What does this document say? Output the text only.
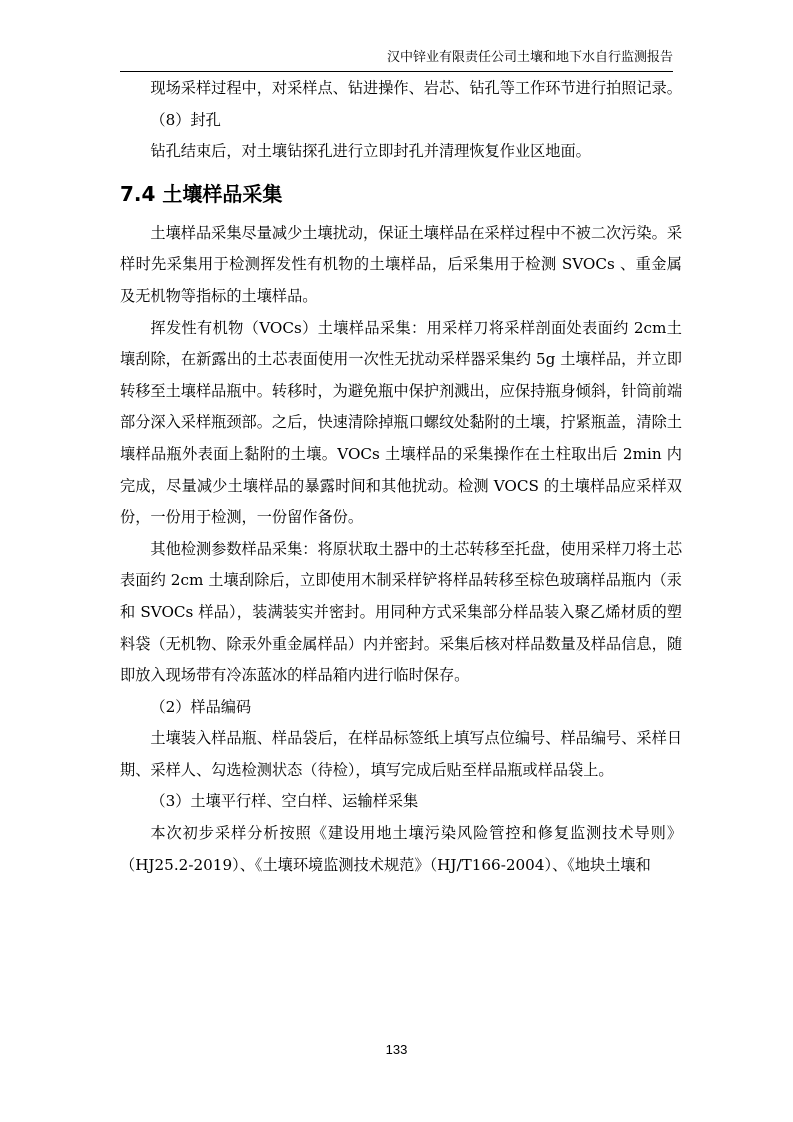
汉中锌业有限责任公司土壤和地下水自行监测报告

现场采样过程中，对采样点、钻进操作、岩芯、钻孔等工作环节进行拍照记录。

（8）封孔

钻孔结束后，对土壤钻探孔进行立即封孔并清理恢复作业区地面。

7.4 土壤样品采集

土壤样品采集尽量减少土壤扰动，保证土壤样品在采样过程中不被二次污染。采样时先采集用于检测挥发性有机物的土壤样品，后采集用于检测 SVOCs 、重金属及无机物等指标的土壤样品。

挥发性有机物（VOCs）土壤样品采集：用采样刀将采样剖面处表面约 2cm土壤刮除，在新露出的土芯表面使用一次性无扰动采样器采集约 5g 土壤样品，并立即转移至土壤样品瓶中。转移时，为避免瓶中保护剂溅出，应保持瓶身倾斜，针筒前端部分深入采样瓶颈部。之后，快速清除掉瓶口螺纹处黏附的土壤，拧紧瓶盖，清除土壤样品瓶外表面上黏附的土壤。VOCs 土壤样品的采集操作在土柱取出后 2min 内完成，尽量减少土壤样品的暴露时间和其他扰动。检测 VOCS 的土壤样品应采样双份，一份用于检测，一份留作备份。

其他检测参数样品采集：将原状取土器中的土芯转移至托盘，使用采样刀将土芯表面约 2cm 土壤刮除后，立即使用木制采样铲将样品转移至棕色玻璃样品瓶内（汞和 SVOCs 样品），装满装实并密封。用同种方式采集部分样品装入聚乙烯材质的塑料袋（无机物、除汞外重金属样品）内并密封。采集后核对样品数量及样品信息，随即放入现场带有冷冻蓝冰的样品箱内进行临时保存。

（2）样品编码

土壤装入样品瓶、样品袋后，在样品标签纸上填写点位编号、样品编号、采样日期、采样人、勾选检测状态（待检），填写完成后贴至样品瓶或样品袋上。

（3）土壤平行样、空白样、运输样采集

本次初步采样分析按照《建设用地土壤污染风险管控和修复监测技术导则》（HJ25.2-2019）、《土壤环境监测技术规范》（HJ/T166-2004）、《地块土壤和

133
